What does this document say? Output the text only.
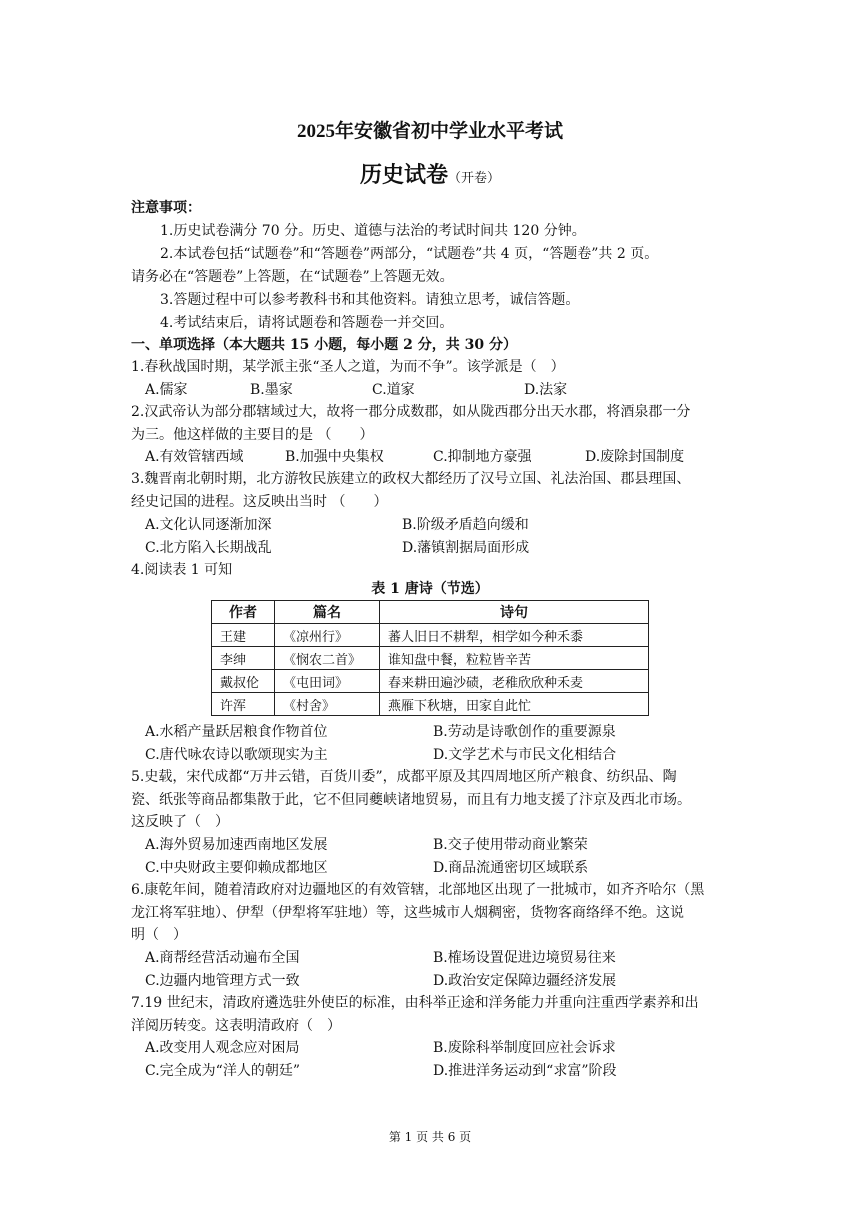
2025年安徽省初中学业水平考试
历史试卷（开卷）
注意事项：
1.历史试卷满分 70 分。历史、道德与法治的考试时间共 120 分钟。
2.本试卷包括“试题卷”和“答题卷”两部分，“试题卷”共 4 页，“答题卷”共 2 页。
请务必在“答题卷”上答题，在“试题卷”上答题无效。
3.答题过程中可以参考教科书和其他资料。请独立思考，诚信答题。
4.考试结束后，请将试题卷和答题卷一并交回。
一、单项选择（本大题共 15 小题，每小题 2 分，共 30 分）
1.春秋战国时期，某学派主张“圣人之道，为而不争”。该学派是（　）
A.儒家	B.墨家	C.道家	D.法家
2.汉武帝认为部分郡辖域过大，故将一郡分成数郡，如从陇西郡分出天水郡，将酒泉郡一分
为三。他这样做的主要目的是 （　　）
A.有效管辖西域	B.加强中央集权	C.抑制地方豪强	D.废除封国制度
3.魏晋南北朝时期，北方游牧民族建立的政权大都经历了汉号立国、礼法治国、郡县理国、
经史记国的进程。这反映出当时 （　　）
A.文化认同逐渐加深	B.阶级矛盾趋向缓和
C.北方陷入长期战乱	D.藩镇割据局面形成
4.阅读表 1 可知
表 1 唐诗（节选）
作者	篇名	诗句
王建	《凉州行》	蕃人旧日不耕犁，相学如今种禾黍
李绅	《悯农二首》	谁知盘中餐，粒粒皆辛苦
戴叔伦	《屯田词》	春来耕田遍沙碛，老稚欣欣种禾麦
许浑	《村舍》	燕雁下秋塘，田家自此忙
A.水稻产量跃居粮食作物首位	B.劳动是诗歌创作的重要源泉
C.唐代咏农诗以歌颂现实为主	D.文学艺术与市民文化相结合
5.史载，宋代成都“万井云错，百货川委”，成都平原及其四周地区所产粮食、纺织品、陶
瓷、纸张等商品都集散于此，它不但同夔峡诸地贸易，而且有力地支援了汴京及西北市场。
这反映了（　）
A.海外贸易加速西南地区发展	B.交子使用带动商业繁荣
C.中央财政主要仰赖成都地区	D.商品流通密切区域联系
6.康乾年间，随着清政府对边疆地区的有效管辖，北部地区出现了一批城市，如齐齐哈尔（黑
龙江将军驻地）、伊犁（伊犁将军驻地）等，这些城市人烟稠密，货物客商络绎不绝。这说
明（　）
A.商帮经营活动遍布全国	B.榷场设置促进边境贸易往来
C.边疆内地管理方式一致	D.政治安定保障边疆经济发展
7.19 世纪末，清政府遴选驻外使臣的标准，由科举正途和洋务能力并重向注重西学素养和出
洋阅历转变。这表明清政府（　）
A.改变用人观念应对困局	B.废除科举制度回应社会诉求
C.完全成为“洋人的朝廷”	D.推进洋务运动到“求富”阶段
第 1 页 共 6 页
